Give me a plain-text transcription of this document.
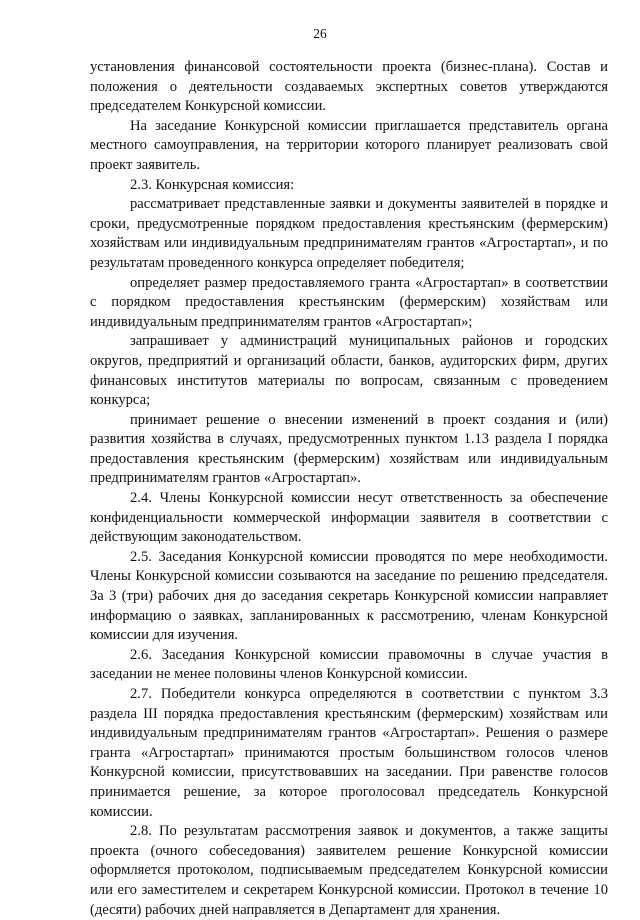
26

установления финансовой состоятельности проекта (бизнес-плана). Состав и положения о деятельности создаваемых экспертных советов утверждаются председателем Конкурсной комиссии.

На заседание Конкурсной комиссии приглашается представитель органа местного самоуправления, на территории которого планирует реализовать свой проект заявитель.

2.3. Конкурсная комиссия:

рассматривает представленные заявки и документы заявителей в порядке и сроки, предусмотренные порядком предоставления крестьянским (фермерским) хозяйствам или индивидуальным предпринимателям грантов «Агростартап», и по результатам проведенного конкурса определяет победителя;

определяет размер предоставляемого гранта «Агростартап» в соответствии с порядком предоставления крестьянским (фермерским) хозяйствам или индивидуальным предпринимателям грантов «Агростартап»;

запрашивает у администраций муниципальных районов и городских округов, предприятий и организаций области, банков, аудиторских фирм, других финансовых институтов материалы по вопросам, связанным с проведением конкурса;

принимает решение о внесении изменений в проект создания и (или) развития хозяйства в случаях, предусмотренных пунктом 1.13 раздела I порядка предоставления крестьянским (фермерским) хозяйствам или индивидуальным предпринимателям грантов «Агростартап».

2.4. Члены Конкурсной комиссии несут ответственность за обеспечение конфиденциальности коммерческой информации заявителя в соответствии с действующим законодательством.

2.5. Заседания Конкурсной комиссии проводятся по мере необходимости. Члены Конкурсной комиссии созываются на заседание по решению председателя. За 3 (три) рабочих дня до заседания секретарь Конкурсной комиссии направляет информацию о заявках, запланированных к рассмотрению, членам Конкурсной комиссии для изучения.

2.6. Заседания Конкурсной комиссии правомочны в случае участия в заседании не менее половины членов Конкурсной комиссии.

2.7. Победители конкурса определяются в соответствии с пунктом 3.3 раздела III порядка предоставления крестьянским (фермерским) хозяйствам или индивидуальным предпринимателям грантов «Агростартап». Решения о размере гранта «Агростартап» принимаются простым большинством голосов членов Конкурсной комиссии, присутствовавших на заседании. При равенстве голосов принимается решение, за которое проголосовал председатель Конкурсной комиссии.

2.8. По результатам рассмотрения заявок и документов, а также защиты проекта (очного собеседования) заявителем решение Конкурсной комиссии оформляется протоколом, подписываемым председателем Конкурсной комиссии или его заместителем и секретарем Конкурсной комиссии. Протокол в течение 10 (десяти) рабочих дней направляется в Департамент для хранения.
